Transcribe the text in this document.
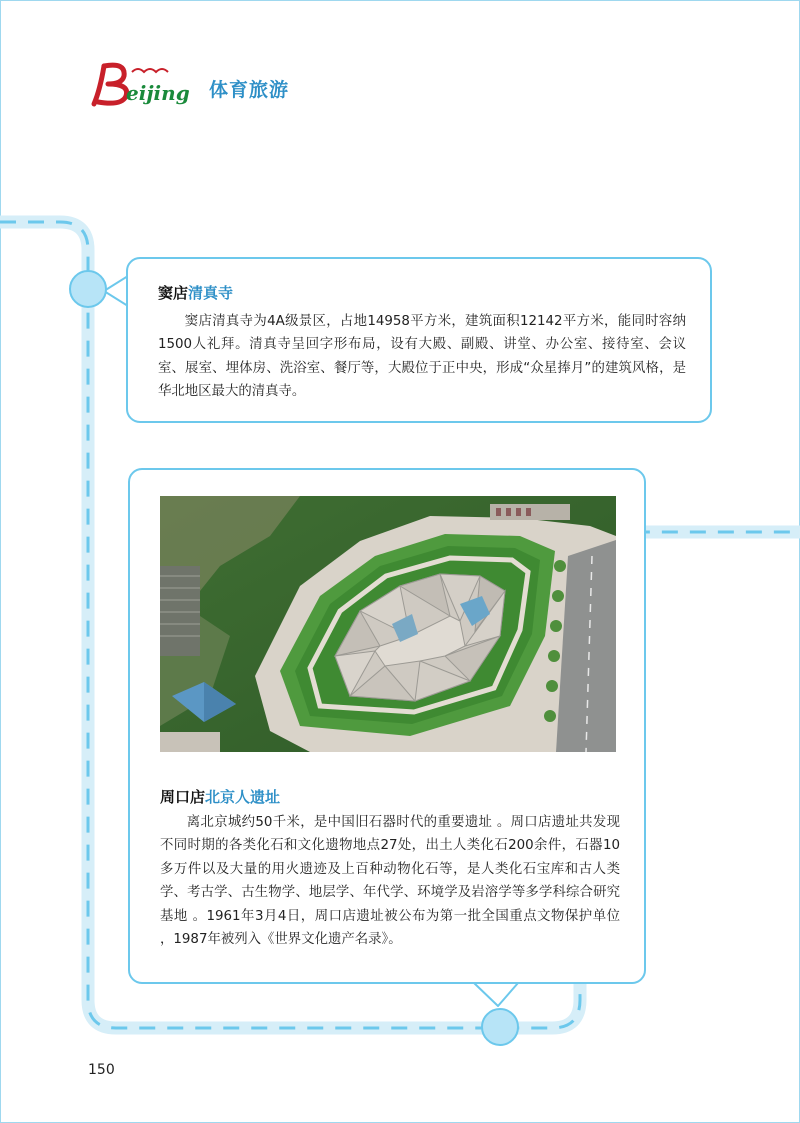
eijing 体育旅游

窦店清真寺

窦店清真寺为4A级景区，占地14958平方米，建筑面积12142平方米，能同时容纳1500人礼拜。清真寺呈回字形布局，设有大殿、副殿、讲堂、办公室、接待室、会议室、展室、埋体房、洗浴室、餐厅等，大殿位于正中央，形成“众星捧月”的建筑风格，是华北地区最大的清真寺。

周口店北京人遗址

离北京城约50千米，是中国旧石器时代的重要遗址 。周口店遗址共发现不同时期的各类化石和文化遗物地点27处，出土人类化石200余件，石器10多万件以及大量的用火遗迹及上百种动物化石等，是人类化石宝库和古人类学、考古学、古生物学、地层学、年代学、环境学及岩溶学等多学科综合研究基地 。1961年3月4日，周口店遗址被公布为第一批全国重点文物保护单位 ，1987年被列入《世界文化遗产名录》。

150
